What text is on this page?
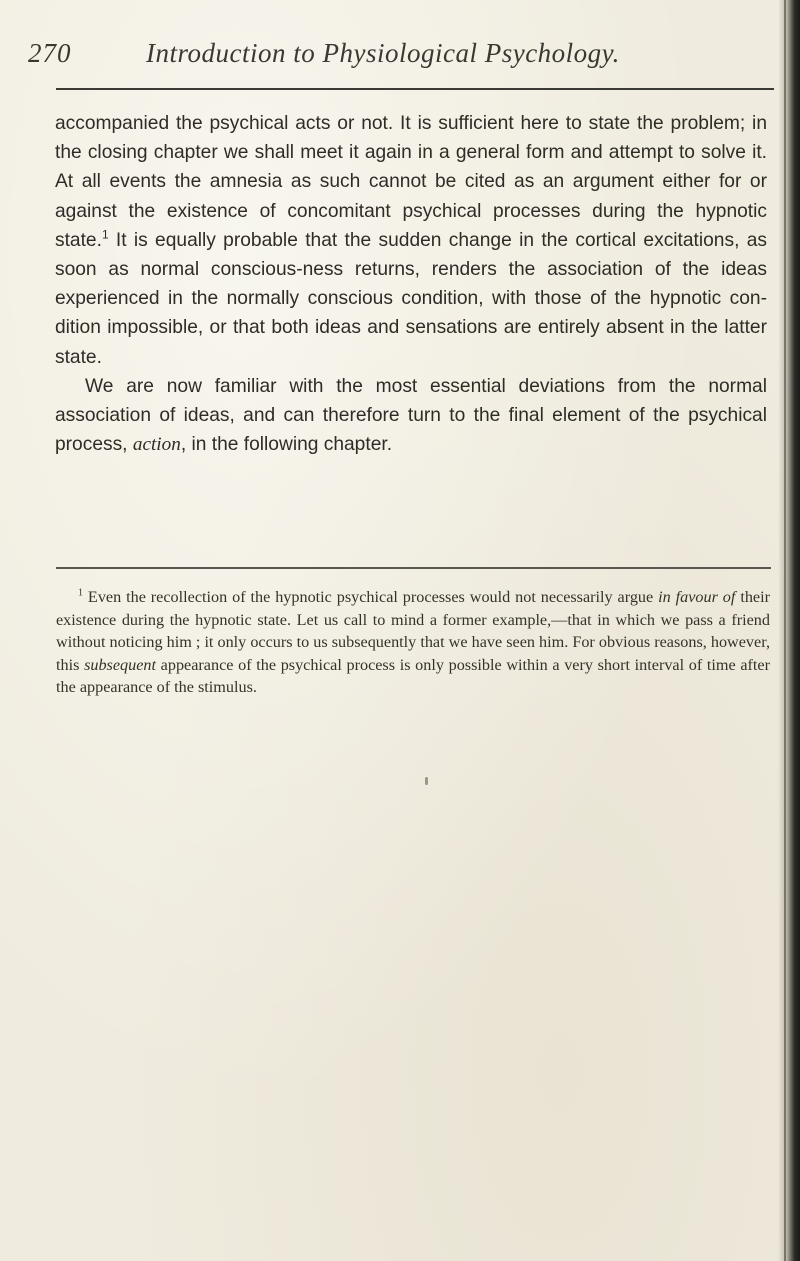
270	Introduction to Physiological Psychology.

accompanied the psychical acts or not. It is sufficient here to state the problem; in the closing chapter we shall meet it again in a general form and attempt to solve it. At all events the amnesia as such cannot be cited as an argument either for or against the existence of concomitant psychical processes during the hypnotic state.$^1$ It is equally probable that the sudden change in the cortical excitations, as soon as normal conscious-ness returns, renders the association of the ideas experienced in the normally conscious condition, with those of the hypnotic con-dition impossible, or that both ideas and sensations are entirely absent in the latter state.

We are now familiar with the most essential deviations from the normal association of ideas, and can therefore turn to the final element of the psychical process, action, in the following chapter.

$^1$ Even the recollection of the hypnotic psychical processes would not necessarily argue in favour of their existence during the hypnotic state. Let us call to mind a former example,—that in which we pass a friend without noticing him ; it only occurs to us subsequently that we have seen him. For obvious reasons, however, this subsequent appearance of the psychical process is only possible within a very short interval of time after the appearance of the stimulus.
